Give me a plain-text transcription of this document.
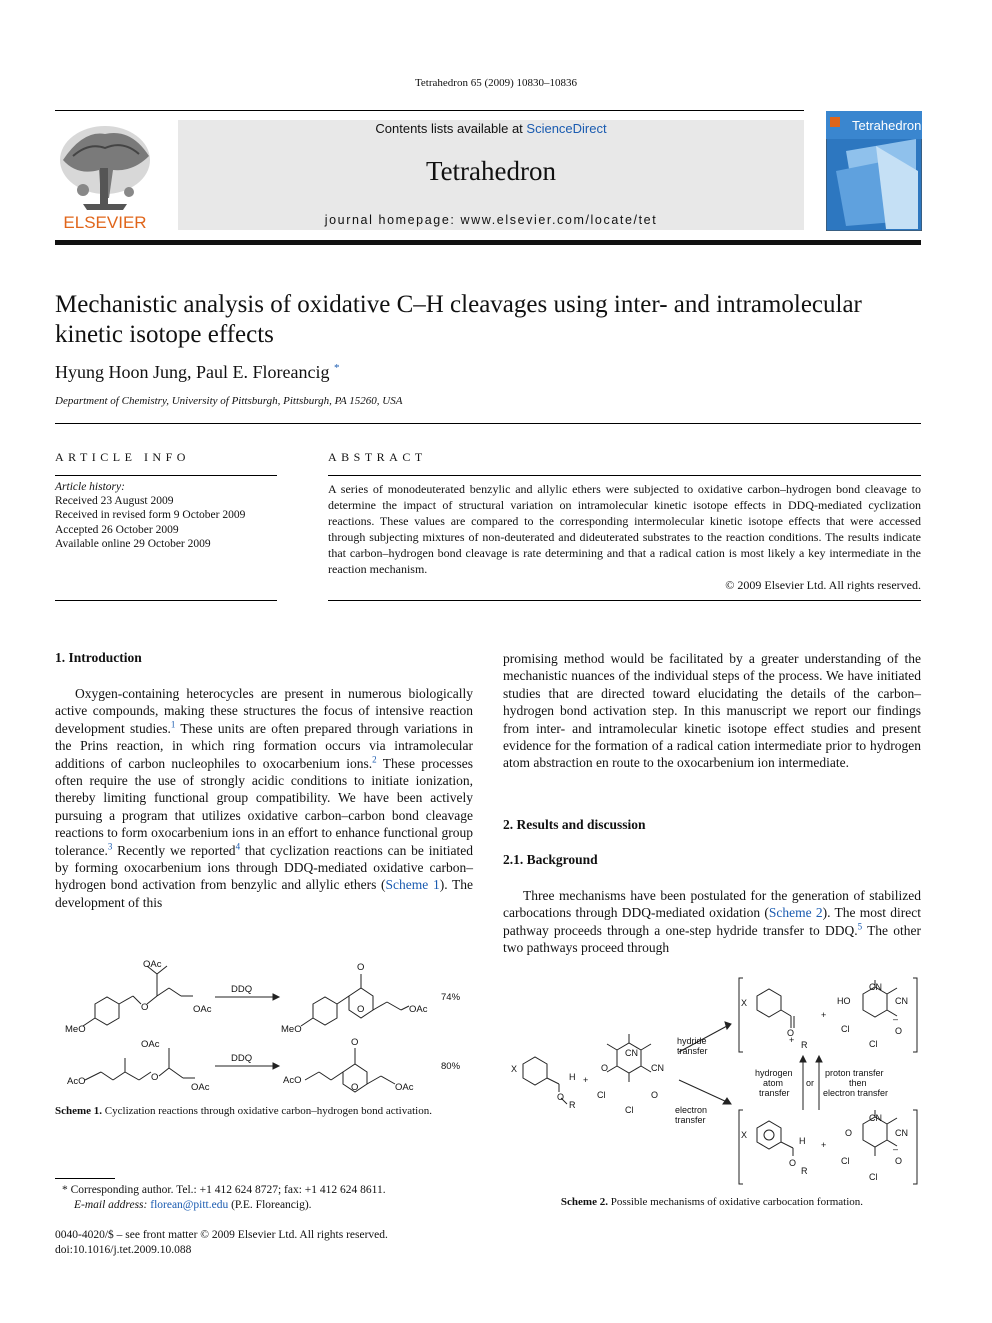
Tetrahedron 65 (2009) 10830–10836
Contents lists available at ScienceDirect
Tetrahedron
journal homepage: www.elsevier.com/locate/tet
ELSEVIER
Tetrahedron
Mechanistic analysis of oxidative C–H cleavages using inter- and intramolecular kinetic isotope effects
Hyung Hoon Jung, Paul E. Floreancig *
Department of Chemistry, University of Pittsburgh, Pittsburgh, PA 15260, USA
ARTICLE INFO
Article history:
Received 23 August 2009
Received in revised form 9 October 2009
Accepted 26 October 2009
Available online 29 October 2009
ABSTRACT
A series of monodeuterated benzylic and allylic ethers were subjected to oxidative carbon–hydrogen bond cleavage to determine the impact of structural variation on intramolecular kinetic isotope effects in DDQ-mediated cyclization reactions. These values are compared to the corresponding intermolecular kinetic isotope effects that were accessed through subjecting mixtures of non-deuterated and dideuterated substrates to the reaction conditions. The results indicate that carbon–hydrogen bond cleavage is rate determining and that a radical cation is most likely a key intermediate in the reaction mechanism.
© 2009 Elsevier Ltd. All rights reserved.
1. Introduction

Oxygen-containing heterocycles are present in numerous biologically active compounds, making these structures the focus of intensive reaction development studies.$^1$ These units are often prepared through variations in the Prins reaction, in which ring formation occurs via intramolecular additions of carbon nucleophiles to oxocarbenium ions.$^2$ These processes often require the use of strongly acidic conditions to initiate ionization, thereby limiting functional group compatibility. We have been actively pursuing a program that utilizes oxidative carbon–carbon bond cleavage reactions to form oxocarbenium ions in an effort to enhance functional group tolerance.$^3$ Recently we reported$^4$ that cyclization reactions can be initiated by forming oxocarbenium ions through DDQ-mediated oxidative carbon–hydrogen bond activation from benzylic and allylic ethers (Scheme 1). The development of this

OAc
O	OAc
MeO
DDQ
O
O	OAc
MeO
74%
OAc
O
OAc
AcO
DDQ
O
O	OAc
AcO
80%
Scheme 1. Cyclization reactions through oxidative carbon–hydrogen bond activation.
* Corresponding author. Tel.: +1 412 624 8727; fax: +1 412 624 8611.
E-mail address: florean@pitt.edu (P.E. Floreancig).
0040-4020/$ – see front matter © 2009 Elsevier Ltd. All rights reserved.
doi:10.1016/j.tet.2009.10.088

promising method would be facilitated by a greater understanding of the mechanistic nuances of the individual steps of the process. We have initiated studies that are directed toward elucidating the details of the carbon–hydrogen bond activation step. In this manuscript we report our findings from inter- and intramolecular kinetic isotope effect studies and present evidence for the formation of a radical cation intermediate prior to hydrogen atom abstraction en route to the oxocarbenium ion intermediate.

2. Results and discussion
2.1. Background

Three mechanisms have been postulated for the generation of stabilized carbocations through DDQ-mediated oxidation (Scheme 2). The most direct pathway proceeds through a one-step hydride transfer to DDQ.$^5$ The other two pathways proceed through

X
H
O
R
+
CN
CN
O
O
Cl
Cl
hydride
transfer
electron
transfer
X
O
+ R
+
CN
HO	CN
Cl
–
O
Cl
hydrogen
atom
transfer
or
proton transfer
then
electron transfer
X
H
O
R
+
CN
O	CN
Cl
–
O
Cl
Scheme 2. Possible mechanisms of oxidative carbocation formation.
